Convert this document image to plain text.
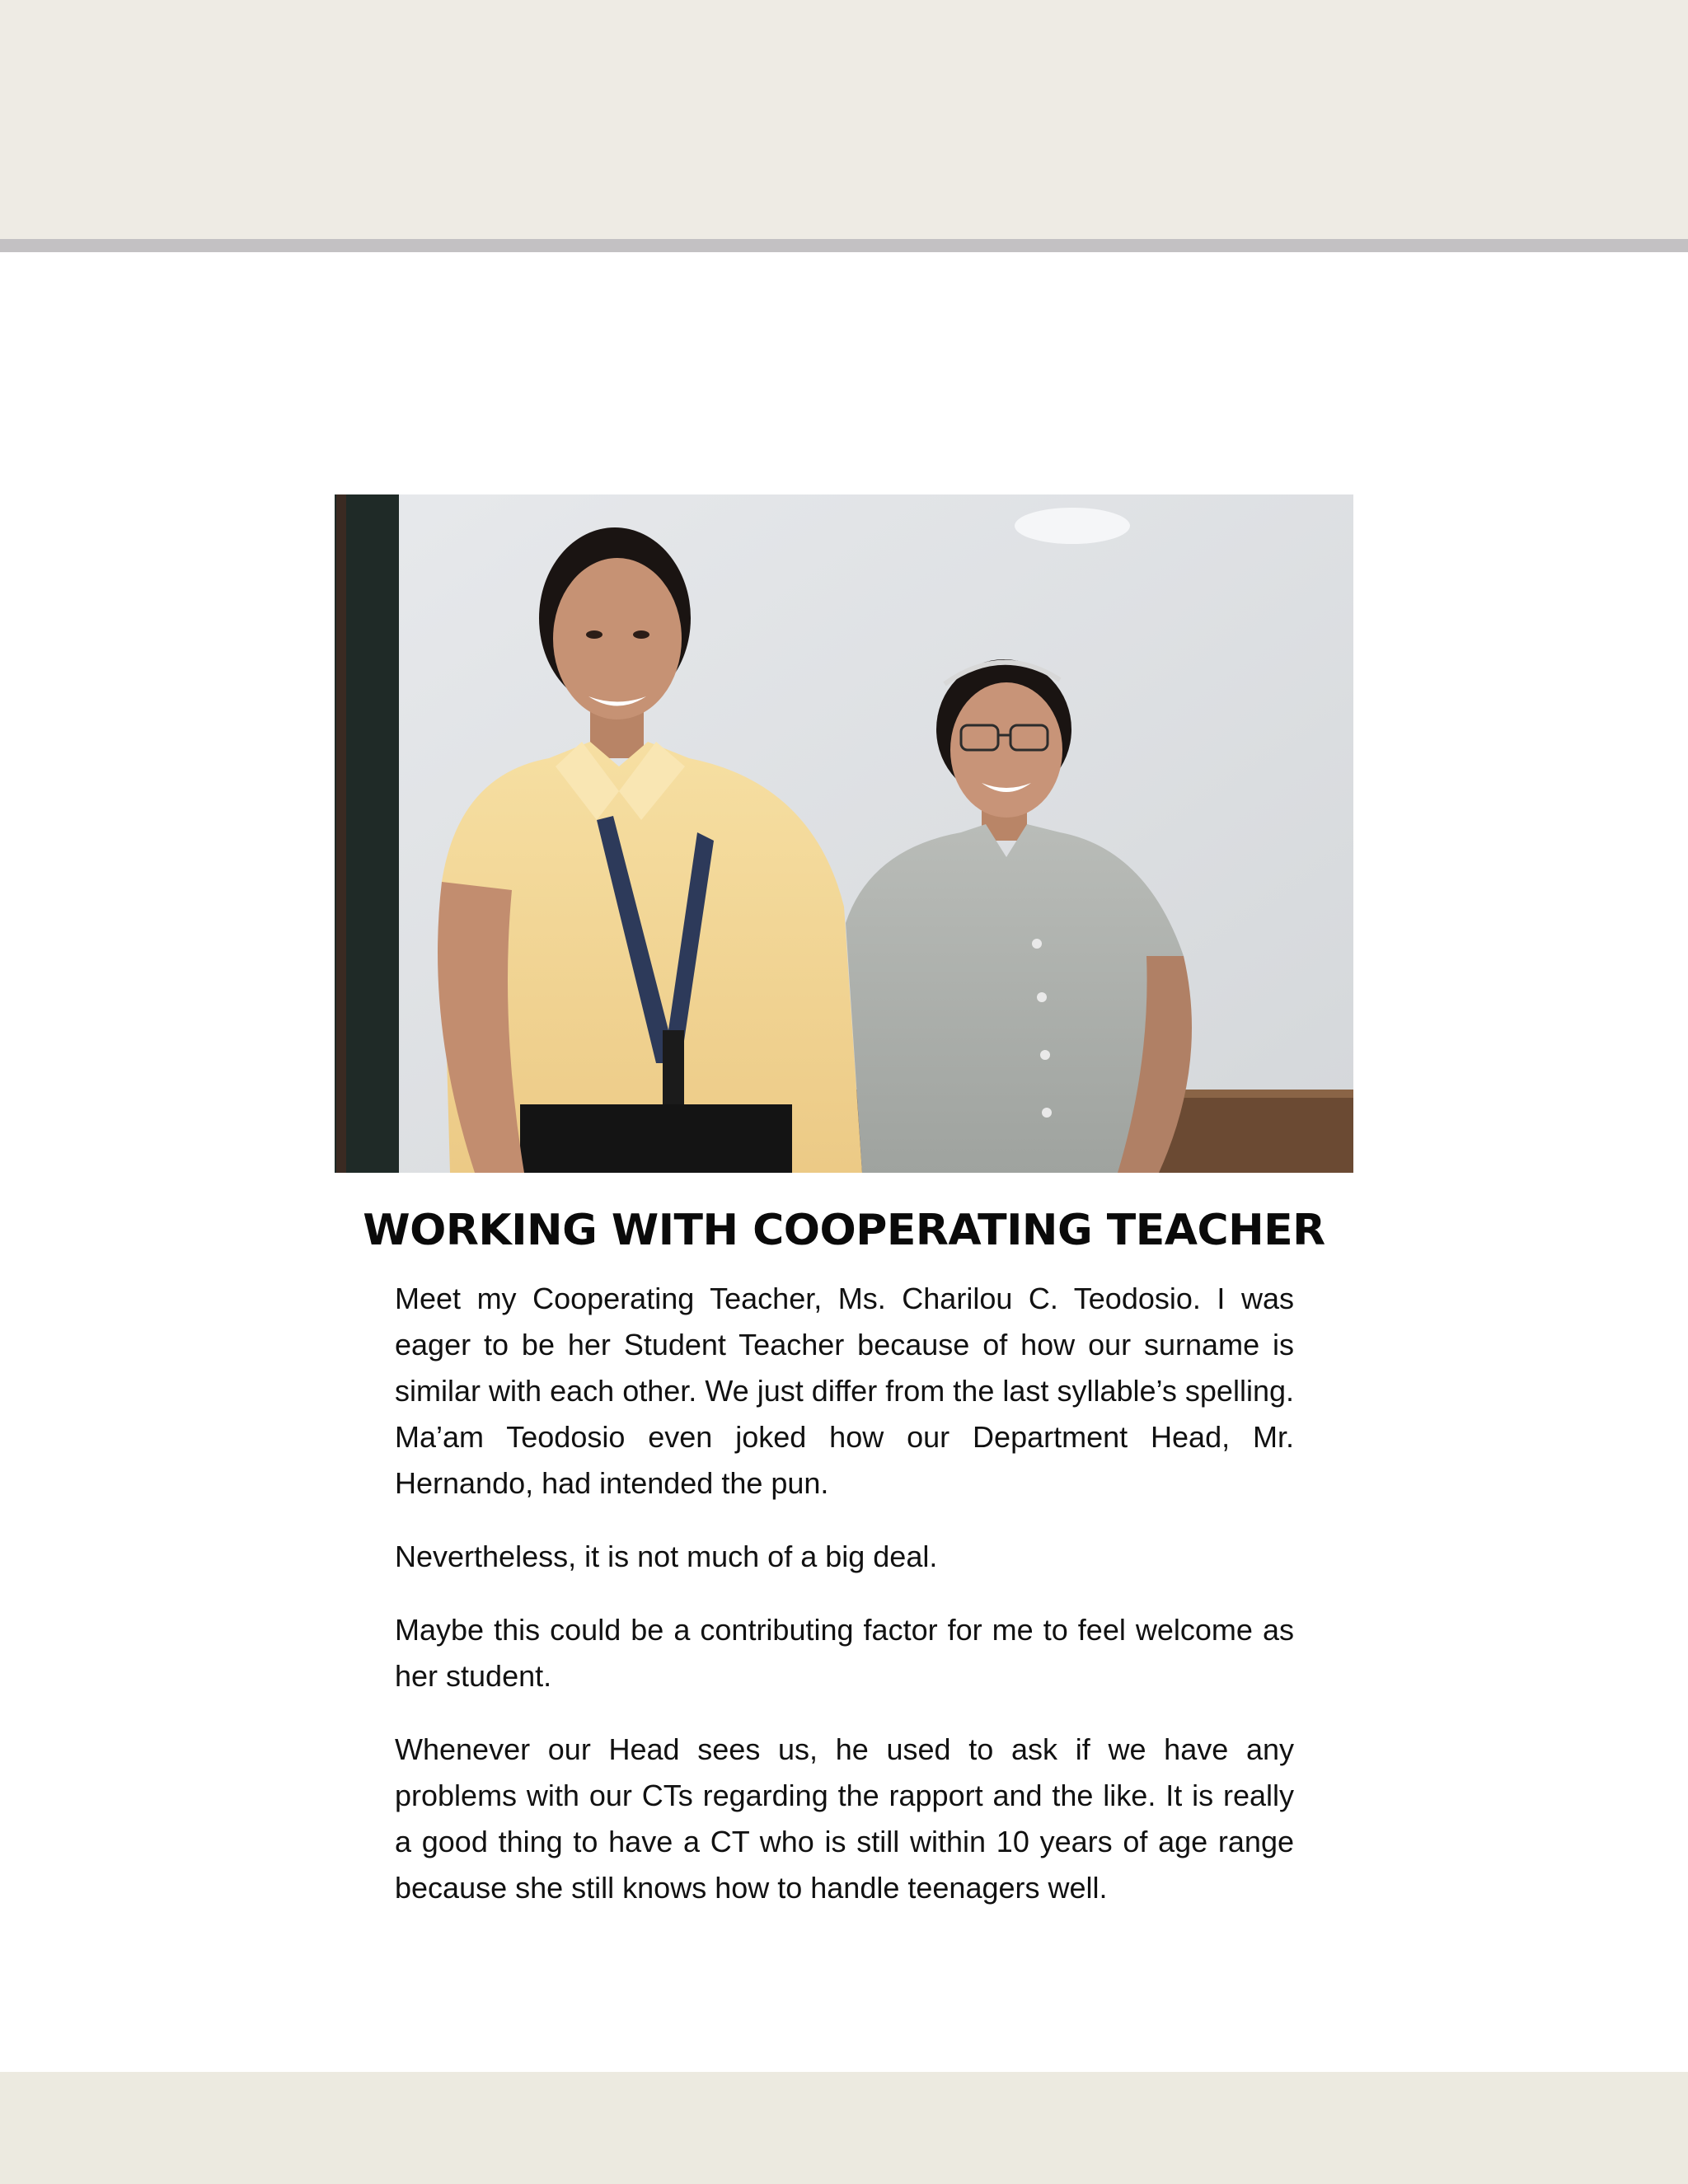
WORKING WITH COOPERATING TEACHER

Meet my Cooperating Teacher, Ms. Charilou C. Teodosio. I was eager to be her Student Teacher because of how our surname is similar with each other. We just differ from the last syllable’s spelling. Ma’am Teodosio even joked how our Department Head, Mr. Hernando, had intended the pun.

Nevertheless, it is not much of a big deal.

Maybe this could be a contributing factor for me to feel welcome as her student.

Whenever our Head sees us, he used to ask if we have any problems with our CTs regarding the rapport and the like. It is really a good thing to have a CT who is still within 10 years of age range because she still knows how to handle teenagers well.
